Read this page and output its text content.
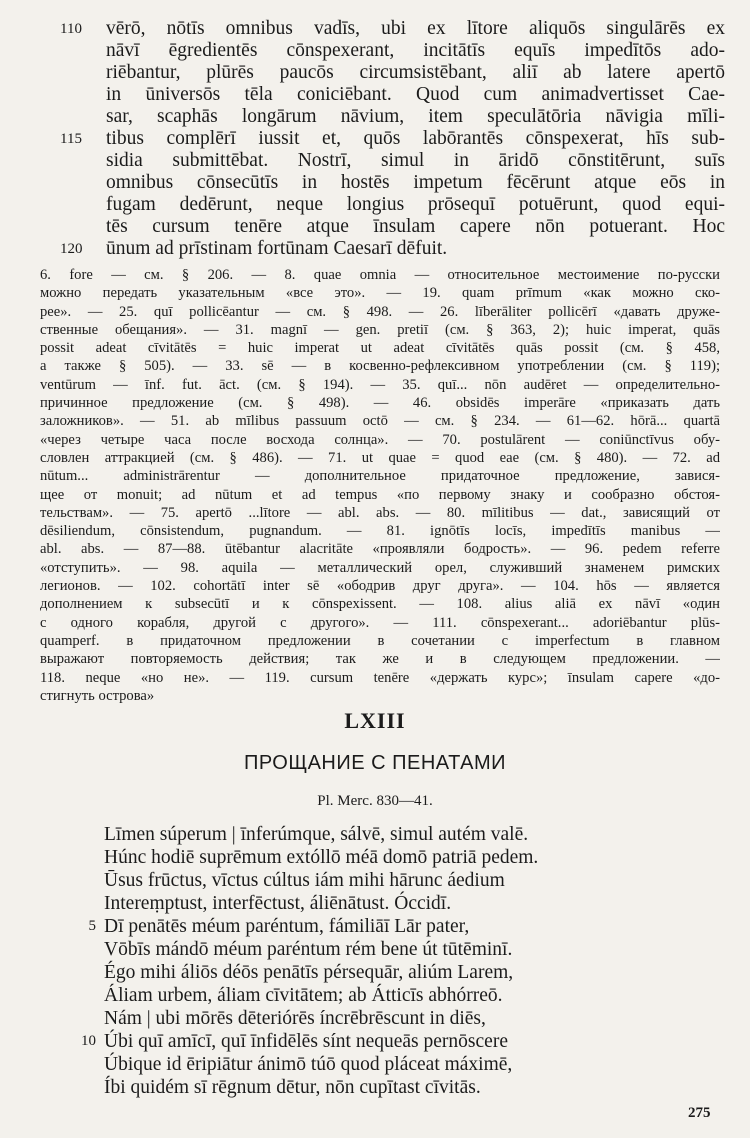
110	vērō, nōtīs omnibus vadīs, ubi ex lītore aliquōs singulārēs ex
nāvī ēgredientēs cōnspexerant, incitātīs equīs impedītōs ado-
riēbantur, plūrēs paucōs circumsistēbant, aliī ab latere apertō
in ūniversōs tēla coniciēbant. Quod cum animadvertisset Cae-
sar, scaphās longārum nāvium, item speculātōria nāvigia mīli-
115	tibus complērī iussit et, quōs labōrantēs cōnspexerat, hīs sub-
sidia submittēbat. Nostrī, simul in āridō cōnstitērunt, suīs
omnibus cōnsecūtīs in hostēs impetum fēcērunt atque eōs in
fugam dedērunt, neque longius prōsequī potuērunt, quod equi-
tēs cursum tenēre atque īnsulam capere nōn potuerant. Hoc
120	ūnum ad prīstinam fortūnam Caesarī dēfuit.
6. fore — см. § 206. — 8. quae omnia — относительное местоимение по-русски
можно передать указательным «все это». — 19. quam prīmum «как можно ско-
рее». — 25. quī pollicēantur — см. § 498. — 26. līberāliter pollicērī «давать друже-
ственные обещания». — 31. magnī — gen. pretiī (см. § 363, 2); huic imperat, quās
possit adeat cīvitātēs = huic imperat ut adeat cīvitātēs quās possit (см. § 458,
а также § 505). — 33. sē — в косвенно-рефлексивном употреблении (см. § 119);
ventūrum — īnf. fut. āct. (см. § 194). — 35. quī... nōn audēret — определительно-
причинное предложение (см. § 498). — 46. obsidēs imperāre «приказать дать
заложников». — 51. ab mīlibus passuum octō — см. § 234. — 61—62. hōrā... quartā
«через четыре часа после восхода солнца». — 70. postulārent — coniūnctīvus обу-
словлен аттракцией (см. § 486). — 71. ut quae = quod eae (см. § 480). — 72. ad
nūtum... administrārentur — дополнительное придаточное предложение, завися-
щее от monuit; ad nūtum et ad tempus «по первому знаку и сообразно обстоя-
тельствам». — 75. apertō ...lītore — abl. abs. — 80. mīlitibus — dat., зависящий от
dēsiliendum, cōnsistendum, pugnandum. — 81. ignōtīs locīs, impedītīs manibus —
abl. abs. — 87—88. ūtēbantur alacritāte «проявляли бодрость». — 96. pedem referre
«отступить». — 98. aquila — металлический орел, служивший знаменем римских
легионов. — 102. cohortātī inter sē «ободрив друг друга». — 104. hōs — является
дополнением к subsecūtī и к cōnspexissent. — 108. alius aliā ex nāvī «один
с одного корабля, другой с другого». — 111. cōnspexerant... adoriēbantur plūs-
quamperf. в придаточном предложении в сочетании с imperfectum в главном
выражают повторяемость действия; так же и в следующем предложении. —
118. neque «но не». — 119. cursum tenēre «держать курс»; īnsulam capere «до-
стигнуть острова»
LXIII
ПРОЩАНИЕ С ПЕНАТАМИ
Pl. Merc. 830—41.
Līmen súperum | īnferúmque, sálvē, simul autém valē.
Húnc hodiē suprēmum extóllō méā domō patriā pedem.
Ūsus frūctus, vīctus cúltus iám mihi hārunc áedium
Intereṃptust, interfēctust, áliēnātust. Óccidī.
5 Dī penātēs méum paréntum, fámiliāī Lār pater,
Vōbīs mándō méum paréntum rém bene út tūtēminī.
Égo mihi áliōs déōs penātīs pérsequār, aliúm Larem,
Áliam urbem, áliam cīvitātem; ab Átticīs abhórreō.
Nám | ubi mōrēs dēteriórēs íncrēbrēscunt in diēs,
10 Úbi quī amīcī, quī īnfidēlēs sínt nequeās pernōscere
Úbique id ēripiātur ánimō túō quod pláceat máximē,
Íbi quidém sī rēgnum dētur, nōn cupītast cīvitās.
275
